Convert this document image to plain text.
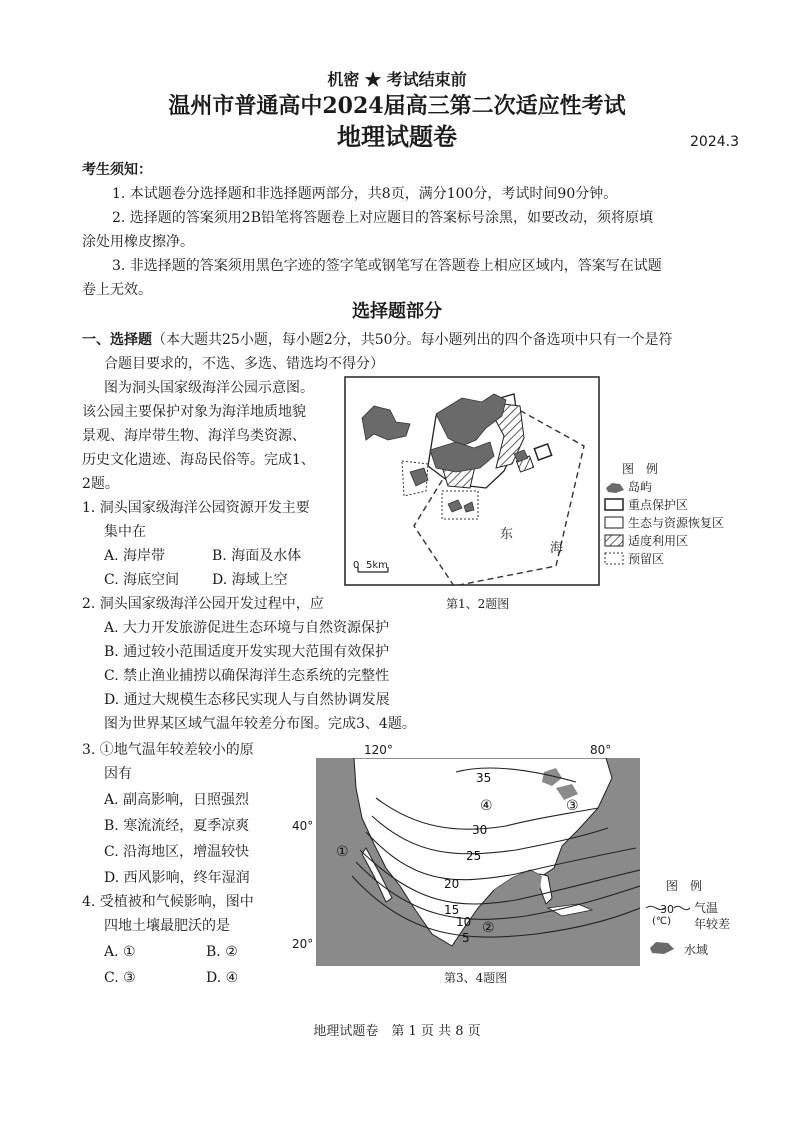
机密 ★ 考试结束前
温州市普通高中2024届高三第二次适应性考试
地理试题卷	2024.3
考生须知：
1. 本试题卷分选择题和非选择题两部分，共8页，满分100分，考试时间90分钟。
2. 选择题的答案须用2B铅笔将答题卷上对应题目的答案标号涂黑，如要改动，须将原填
涂处用橡皮擦净。
3. 非选择题的答案须用黑色字迹的签字笔或钢笔写在答题卷上相应区域内，答案写在试题
卷上无效。
选择题部分
一、选择题（本大题共25小题，每小题2分，共50分。每小题列出的四个备选项中只有一个是符
合题目要求的，不选、多选、错选均不得分）
图为洞头国家级海洋公园示意图。
该公园主要保护对象为海洋地质地貌
景观、海岸带生物、海洋鸟类资源、
历史文化遗迹、海岛民俗等。完成1、
2题。
1. 洞头国家级海洋公园资源开发主要
集中在
A. 海岸带	B. 海面及水体
C. 海底空间 D. 海域上空
2. 洞头国家级海洋公园开发过程中，应
A. 大力开发旅游促进生态环境与自然资源保护
B. 通过较小范围适度开发实现大范围有效保护
C. 禁止渔业捕捞以确保海洋生态系统的完整性
D. 通过大规模生态移民实现人与自然协调发展
图为世界某区域气温年较差分布图。完成3、4题。
3. ①地气温年较差较小的原
因有
A. 副高影响，日照强烈
B. 寒流流经，夏季凉爽
C. 沿海地区，增温较快
D. 西风影响，终年湿润
4. 受植被和气候影响，图中
四地土壤最肥沃的是
A. ①	B. ②
C. ③	D. ④
东
海
0 5km
第1、2题图
图　例
岛屿
重点保护区
生态与资源恢复区
适度利用区
预留区
120°	80°
40°
20°
35
30
25
20
15
10
5
①
②
③
④
第3、4题图
图　例
30
(℃)
气温
年较差
水域
地理试题卷　第 1 页 共 8 页
